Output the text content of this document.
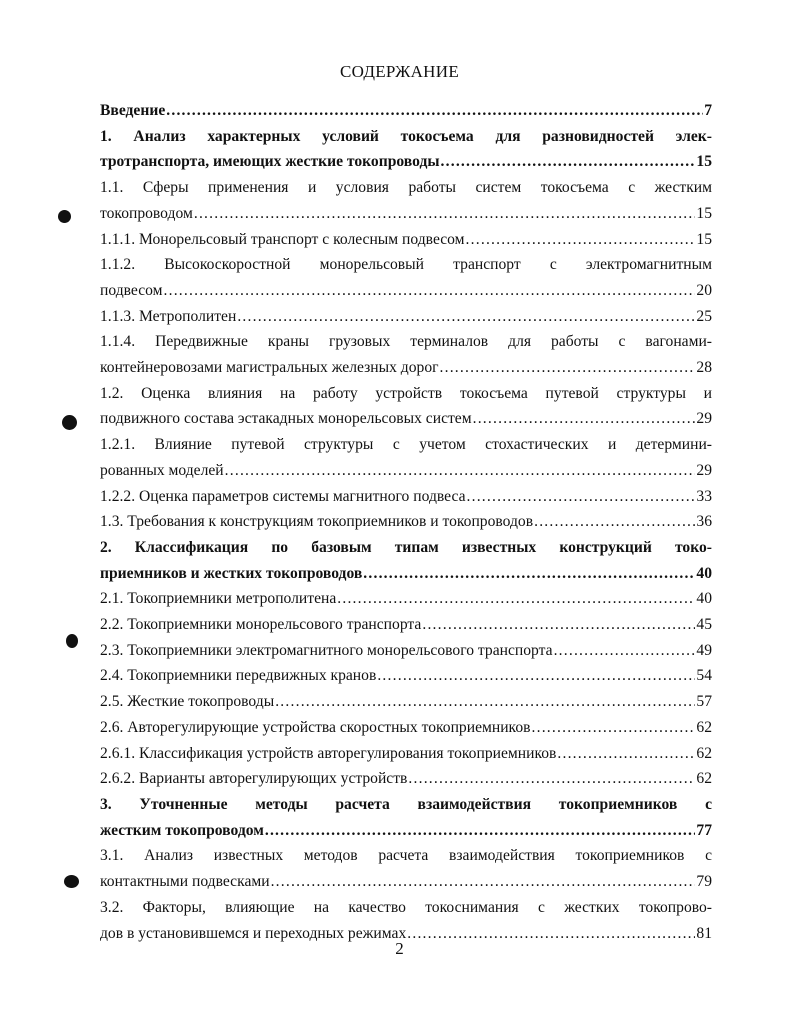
СОДЕРЖАНИЕ
Введение .....	7
1. Анализ характерных условий токосъема для разновидностей элек-
тротранспорта, имеющих жесткие токопроводы .....	15
1.1. Сферы применения и условия работы систем токосъема с жестким
токопроводом .....	15
1.1.1. Монорельсовый транспорт с колесным подвесом .....	15
1.1.2. Высокоскоростной монорельсовый транспорт с электромагнитным
подвесом .....	20
1.1.3. Метрополитен .....	25
1.1.4. Передвижные краны грузовых терминалов для работы с вагонами-
контейнеровозами магистральных железных дорог .....	28
1.2. Оценка влияния на работу устройств токосъема путевой структуры и
подвижного состава эстакадных монорельсовых систем .....	29
1.2.1. Влияние путевой структуры с учетом стохастических и детермини-
рованных моделей .....	29
1.2.2. Оценка параметров системы магнитного подвеса .....	33
1.3. Требования к конструкциям токоприемников и токопроводов .....	36
2. Классификация по базовым типам известных конструкций токо-
приемников и жестких токопроводов .....	40
2.1. Токоприемники метрополитена .....	40
2.2. Токоприемники монорельсового транспорта .....	45
2.3. Токоприемники электромагнитного монорельсового транспорта .....	49
2.4. Токоприемники передвижных кранов .....	54
2.5. Жесткие токопроводы .....	57
2.6. Авторегулирующие устройства скоростных токоприемников .....	62
2.6.1. Классификация устройств авторегулирования токоприемников .....	62
2.6.2. Варианты авторегулирующих устройств .....	62
3. Уточненные методы расчета взаимодействия токоприемников с
жестким токопроводом .....	77
3.1. Анализ известных методов расчета взаимодействия токоприемников с
контактными подвесками .....	79
3.2. Факторы, влияющие на качество токоснимания с жестких токопрово-
дов в установившемся и переходных режимах .....	81
2
